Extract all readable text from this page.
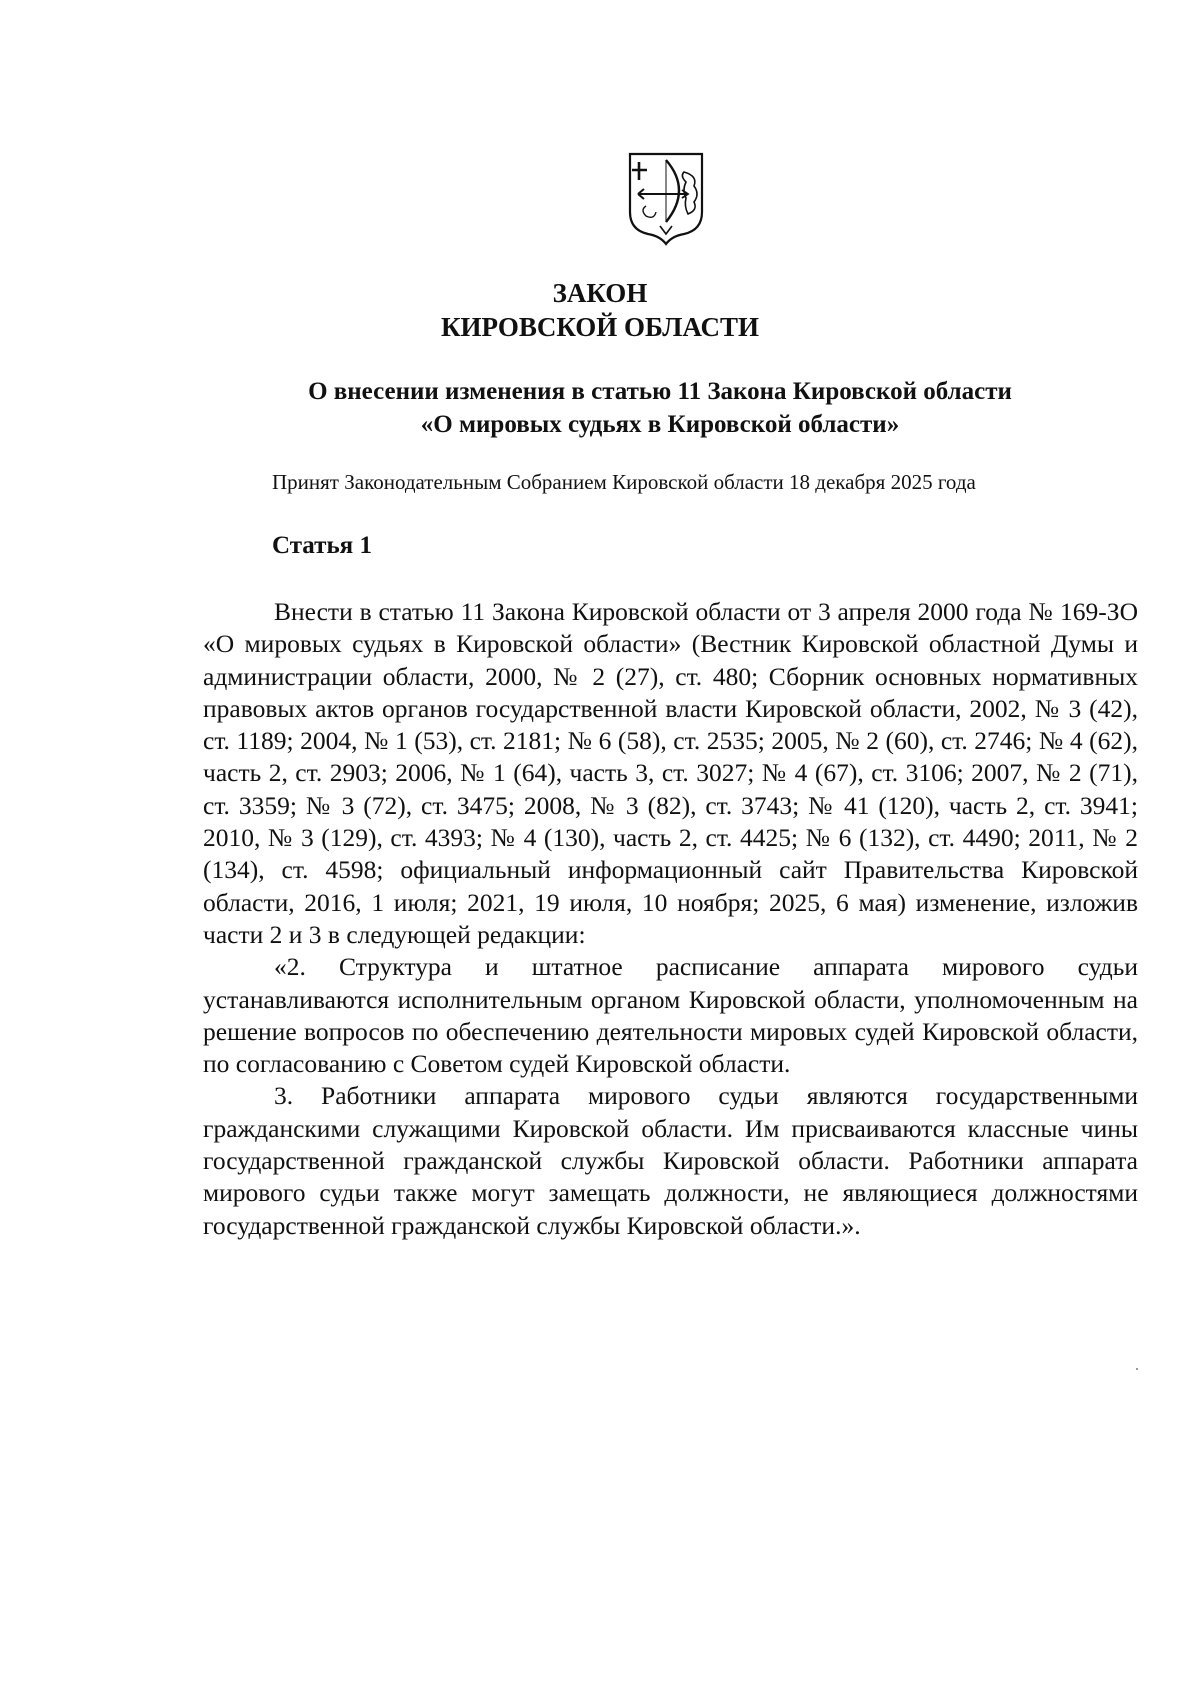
ЗАКОН
КИРОВСКОЙ ОБЛАСТИ
О внесении изменения в статью 11 Закона Кировской области
«О мировых судьях в Кировской области»
Принят Законодательным Собранием Кировской области 18 декабря 2025 года
Статья 1

Внести в статью 11 Закона Кировской области от 3 апреля 2000 года № 169-ЗО «О мировых судьях в Кировской области» (Вестник Кировской областной Думы и администрации области, 2000, № 2 (27), ст. 480; Сборник основных нормативных правовых актов органов государственной власти Кировской области, 2002, № 3 (42), ст. 1189; 2004, № 1 (53), ст. 2181; № 6 (58), ст. 2535; 2005, № 2 (60), ст. 2746; № 4 (62), часть 2, ст. 2903; 2006, № 1 (64), часть 3, ст. 3027; № 4 (67), ст. 3106; 2007, № 2 (71), ст. 3359; № 3 (72), ст. 3475; 2008, № 3 (82), ст. 3743; № 41 (120), часть 2, ст. 3941; 2010, № 3 (129), ст. 4393; № 4 (130), часть 2, ст. 4425; № 6 (132), ст. 4490; 2011, № 2 (134), ст. 4598; официальный информационный сайт Правительства Кировской области, 2016, 1 июля; 2021, 19 июля, 10 ноября; 2025, 6 мая) изменение, изложив части 2 и 3 в следующей редакции:

«2. Структура и штатное расписание аппарата мирового судьи устанавливаются исполнительным органом Кировской области, уполномоченным на решение вопросов по обеспечению деятельности мировых судей Кировской области, по согласованию с Советом судей Кировской области.

3. Работники аппарата мирового судьи являются государственными гражданскими служащими Кировской области. Им присваиваются классные чины государственной гражданской службы Кировской области. Работники аппарата мирового судьи также могут замещать должности, не являющиеся должностями государственной гражданской службы Кировской области.».
